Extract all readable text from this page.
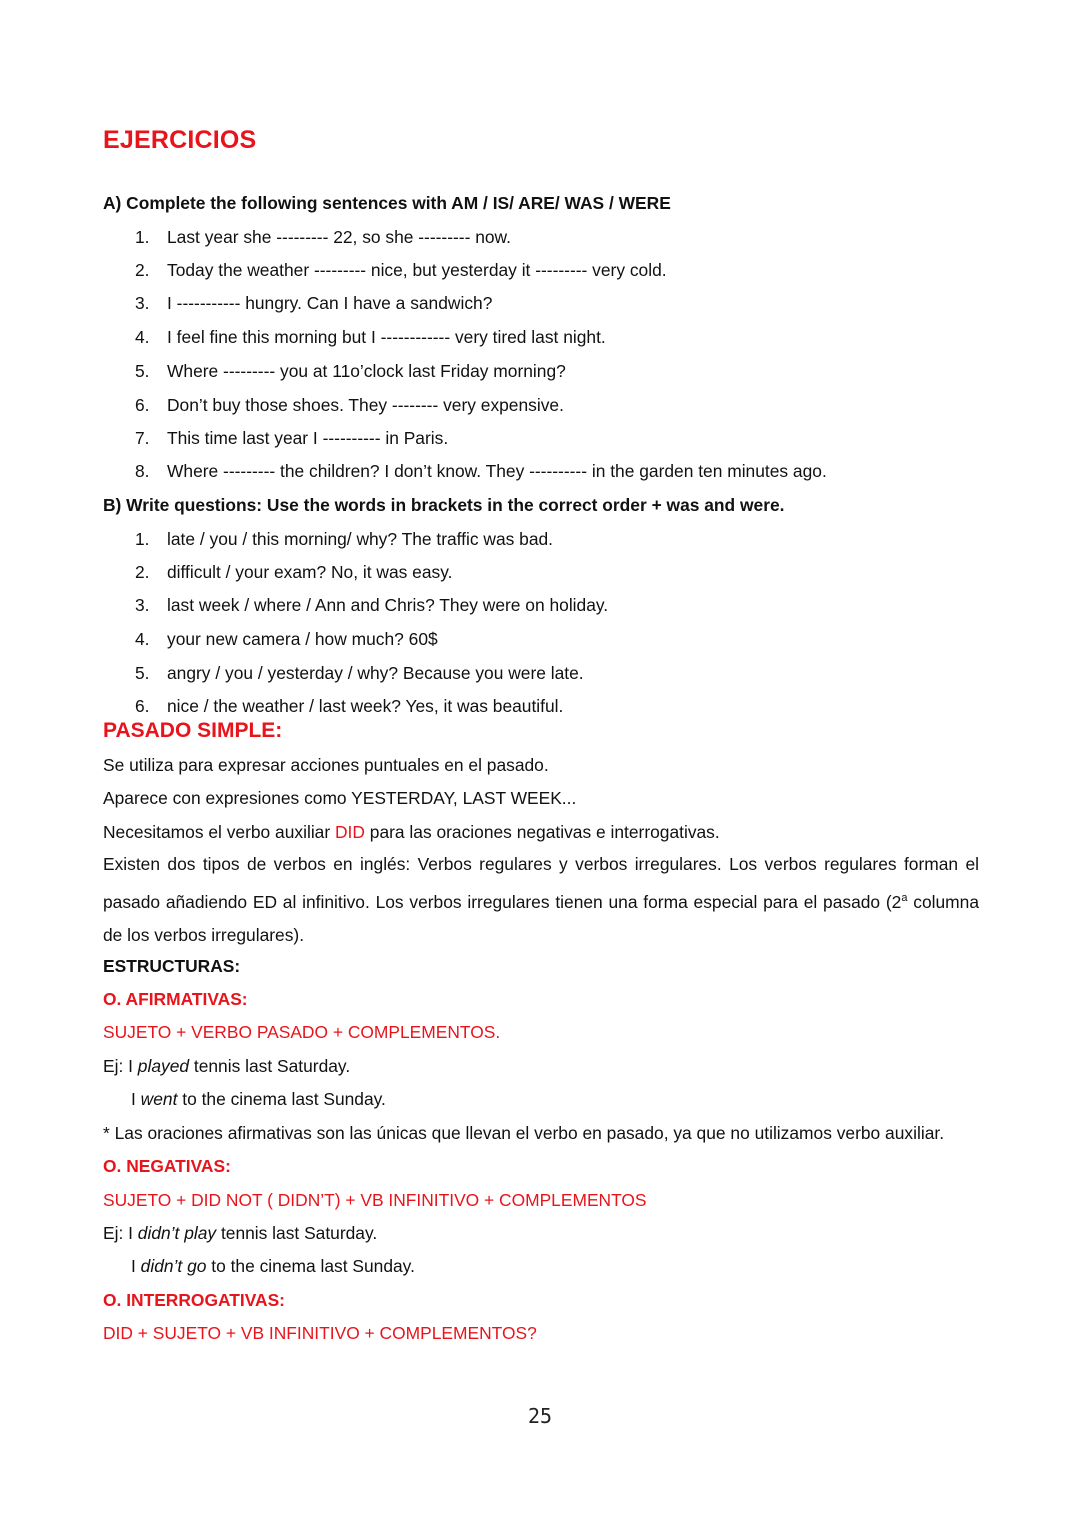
EJERCICIOS
A) Complete the following sentences with AM / IS/ ARE/ WAS / WERE
1. Last year she --------- 22, so she --------- now.
2. Today the weather --------- nice, but yesterday it --------- very cold.
3. I ----------- hungry. Can I have a sandwich?
4. I feel fine this morning but I ------------ very tired last night.
5. Where --------- you at 11o’clock last Friday morning?
6. Don’t buy those shoes. They -------- very expensive.
7. This time last year I ---------- in Paris.
8. Where --------- the children? I don’t know. They ---------- in the garden ten minutes ago.
B) Write questions: Use the words in brackets in the correct order + was and were.
1. late / you / this morning/ why? The traffic was bad.
2. difficult / your exam? No, it was easy.
3. last week / where / Ann and Chris? They were on holiday.
4. your new camera / how much? 60$
5. angry / you / yesterday / why? Because you were late.
6. nice / the weather / last week? Yes, it was beautiful.
PASADO SIMPLE:
Se utiliza para expresar acciones puntuales en el pasado.
Aparece con expresiones como YESTERDAY, LAST WEEK...
Necesitamos el verbo auxiliar DID para las oraciones negativas e interrogativas.
Existen dos tipos de verbos en inglés: Verbos regulares y verbos irregulares. Los verbos regulares forman el pasado añadiendo ED al infinitivo. Los verbos irregulares tienen una forma especial para el pasado (2$^a$ columna de los verbos irregulares).
ESTRUCTURAS:
O. AFIRMATIVAS:
SUJETO + VERBO PASADO + COMPLEMENTOS.
Ej: I played tennis last Saturday.
I went to the cinema last Sunday.
* Las oraciones afirmativas son las únicas que llevan el verbo en pasado, ya que no utilizamos verbo auxiliar.
O. NEGATIVAS:
SUJETO + DID NOT ( DIDN’T) + VB INFINITIVO + COMPLEMENTOS
Ej: I didn’t play tennis last Saturday.
I didn’t go to the cinema last Sunday.
O. INTERROGATIVAS:
DID + SUJETO + VB INFINITIVO + COMPLEMENTOS?
25
